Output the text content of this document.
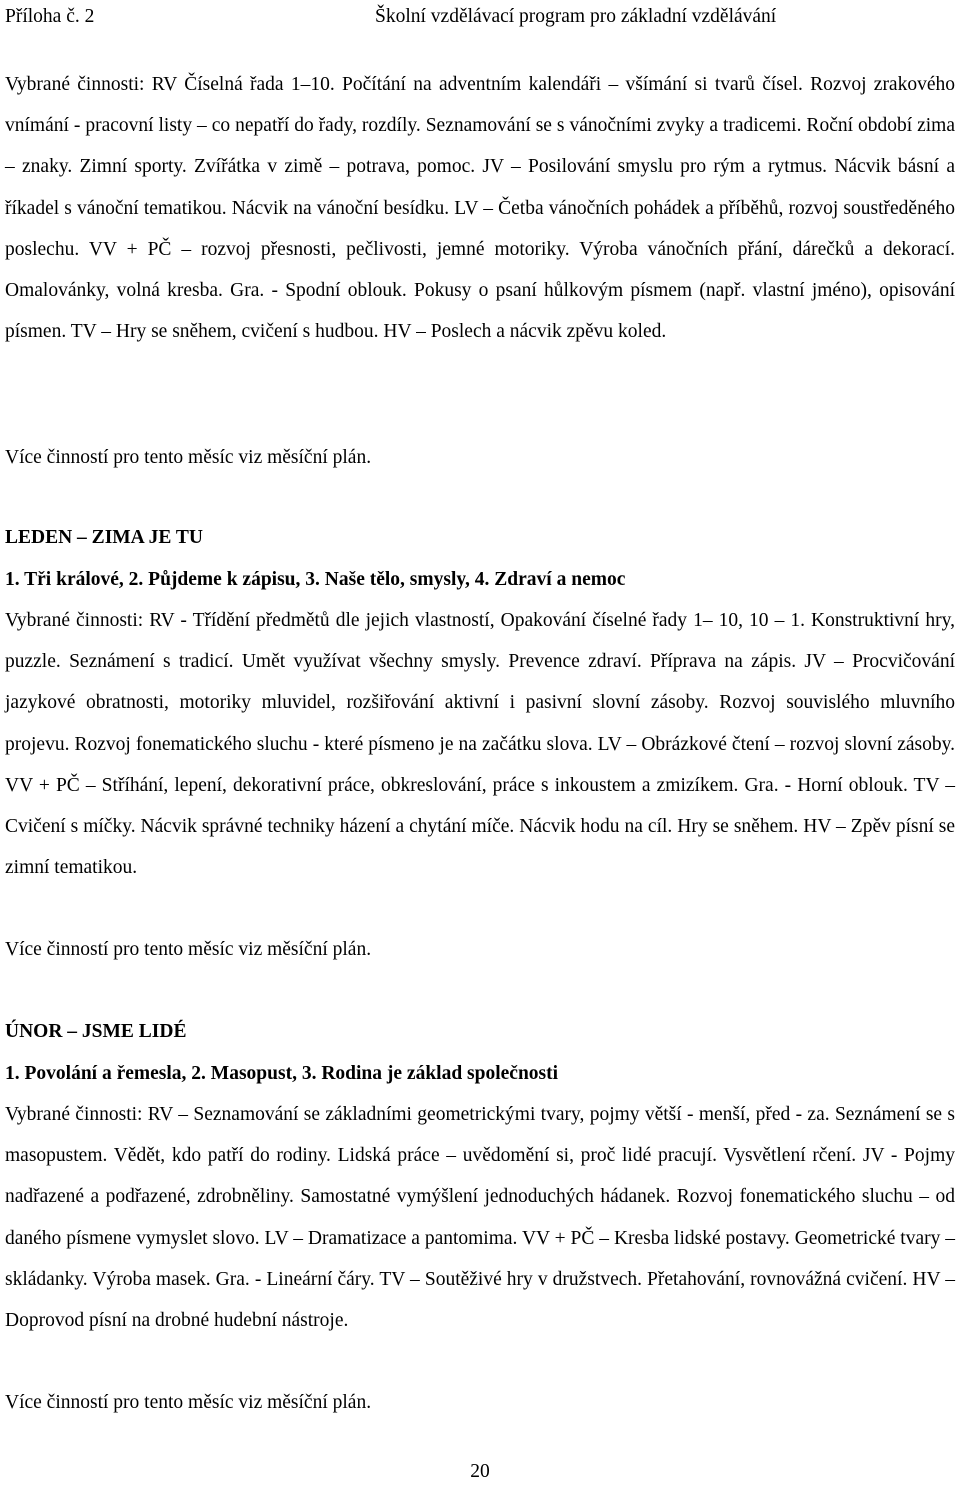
Příloha č. 2	Školní vzdělávací program pro základní vzdělávání

Vybrané činnosti: RV Číselná řada 1–10. Počítání na adventním kalendáři – všímání si tvarů čísel. Rozvoj zrakového vnímání - pracovní listy – co nepatří do řady, rozdíly. Seznamování se s vánočními zvyky a tradicemi. Roční období zima – znaky. Zimní sporty. Zvířátka v zimě – potrava, pomoc. JV – Posilování smyslu pro rým a rytmus. Nácvik básní a říkadel s vánoční tematikou. Nácvik na vánoční besídku. LV – Četba vánočních pohádek a příběhů, rozvoj soustředěného poslechu. VV + PČ – rozvoj přesnosti, pečlivosti, jemné motoriky. Výroba vánočních přání, dárečků a dekorací. Omalovánky, volná kresba. Gra. - Spodní oblouk. Pokusy o psaní hůlkovým písmem (např. vlastní jméno), opisování písmen. TV – Hry se sněhem, cvičení s hudbou. HV – Poslech a nácvik zpěvu koled.

Více činností pro tento měsíc viz měsíční plán.
LEDEN – ZIMA JE TU
1. Tři králové, 2. Půjdeme k zápisu, 3. Naše tělo, smysly, 4. Zdraví a nemoc

Vybrané činnosti: RV - Třídění předmětů dle jejich vlastností, Opakování číselné řady 1– 10, 10 – 1. Konstruktivní hry, puzzle. Seznámení s tradicí. Umět využívat všechny smysly. Prevence zdraví. Příprava na zápis. JV – Procvičování jazykové obratnosti, motoriky mluvidel, rozšiřování aktivní i pasivní slovní zásoby. Rozvoj souvislého mluvního projevu. Rozvoj fonematického sluchu - které písmeno je na začátku slova. LV – Obrázkové čtení – rozvoj slovní zásoby. VV + PČ – Stříhání, lepení, dekorativní práce, obkreslování, práce s inkoustem a zmizíkem. Gra. - Horní oblouk. TV – Cvičení s míčky. Nácvik správné techniky házení a chytání míče. Nácvik hodu na cíl. Hry se sněhem. HV – Zpěv písní se zimní tematikou.

Více činností pro tento měsíc viz měsíční plán.
ÚNOR – JSME LIDÉ
1. Povolání a řemesla, 2. Masopust, 3. Rodina je základ společnosti

Vybrané činnosti: RV – Seznamování se základními geometrickými tvary, pojmy větší - menší, před - za. Seznámení se s masopustem. Vědět, kdo patří do rodiny. Lidská práce – uvědomění si, proč lidé pracují. Vysvětlení rčení. JV - Pojmy nadřazené a podřazené, zdrobněliny. Samostatné vymýšlení jednoduchých hádanek. Rozvoj fonematického sluchu – od daného písmene vymyslet slovo. LV – Dramatizace a pantomima. VV + PČ – Kresba lidské postavy. Geometrické tvary – skládanky. Výroba masek. Gra. - Lineární čáry. TV – Soutěživé hry v družstvech. Přetahování, rovnovážná cvičení. HV – Doprovod písní na drobné hudební nástroje.

Více činností pro tento měsíc viz měsíční plán.
20
